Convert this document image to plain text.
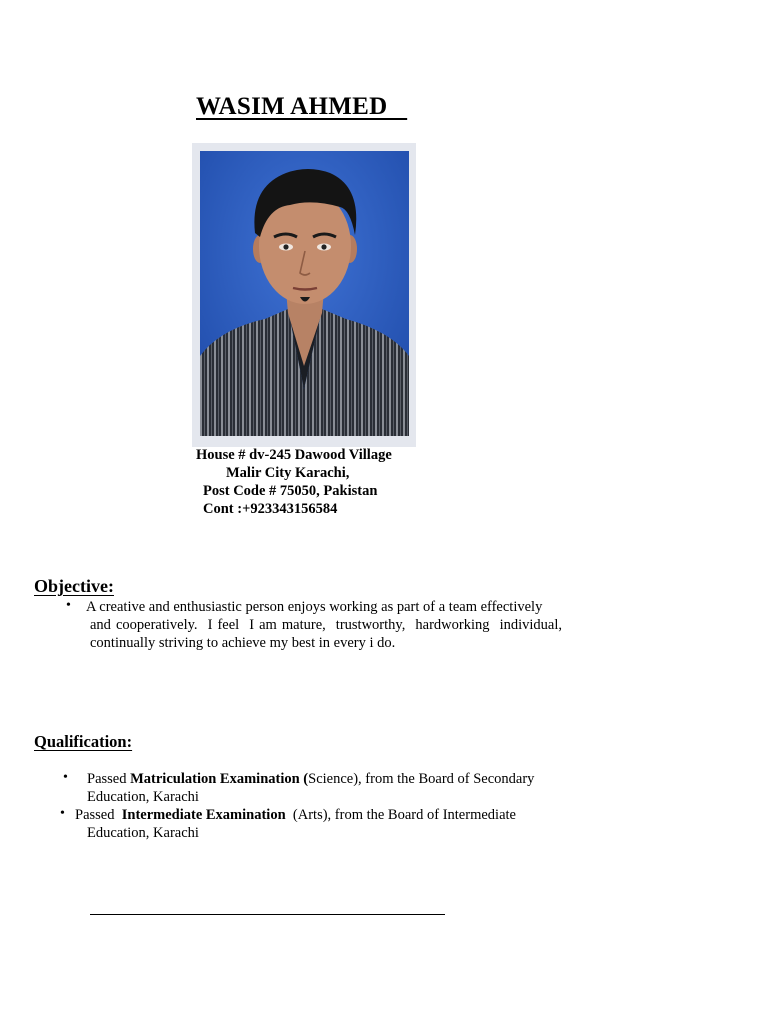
WASIM AHMED
House # dv-245 Dawood Village
Malir City Karachi,
Post Code # 75050, Pakistan
Cont :+923343156584
Objective:
• A creative and enthusiastic person enjoys working as part of a team effectively
and cooperatively.  I feel  I am mature,  trustworthy,  hardworking  individual,
continually striving to achieve my best in every i do.
Qualification:
• Passed Matriculation Examination (Science), from the Board of Secondary
Education, Karachi
• Passed  Intermediate Examination  (Arts), from the Board of Intermediate
Education, Karachi
